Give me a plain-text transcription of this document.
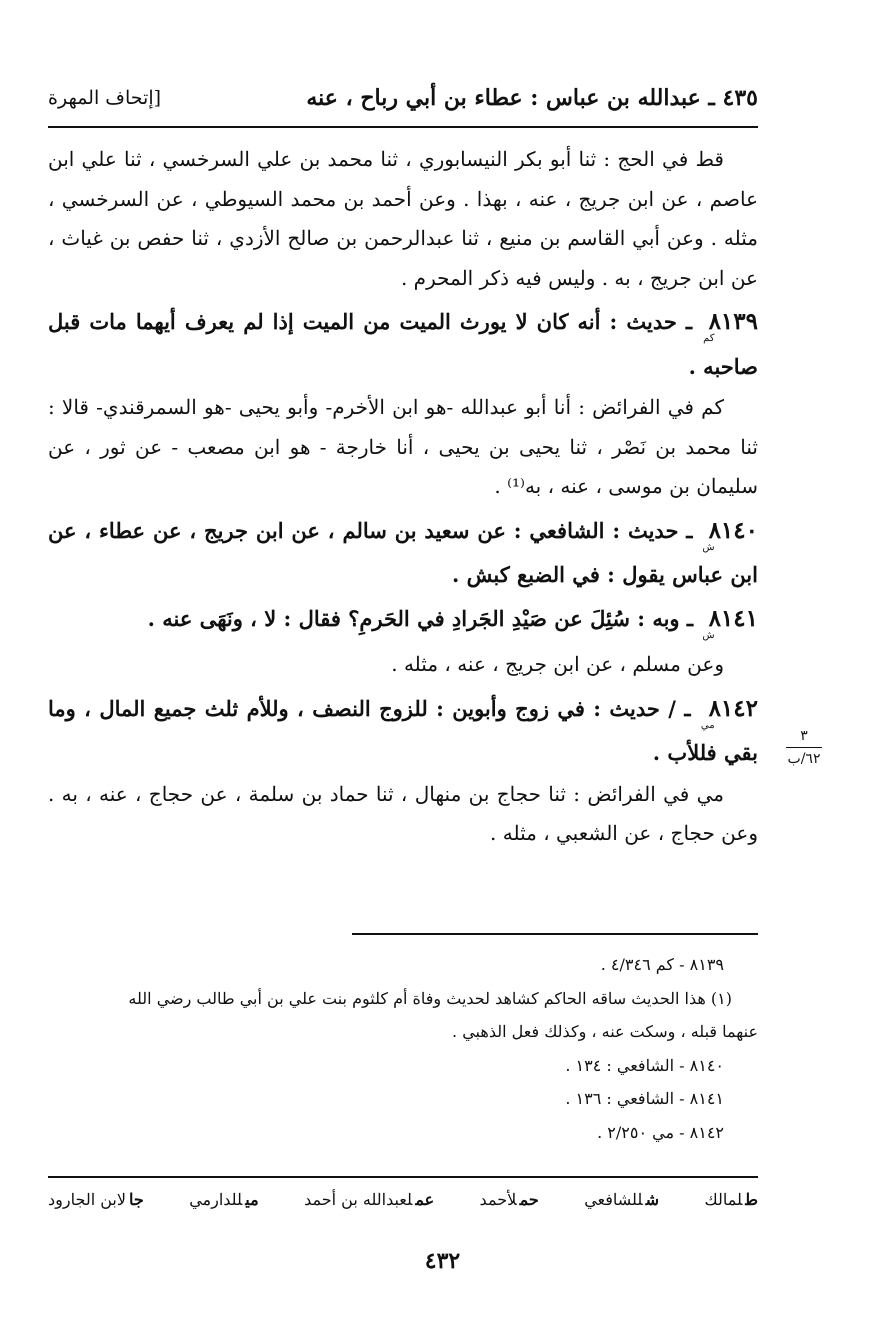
٤٣٥ ـ عبدالله بن عباس : عطاء بن أبي رباح ، عنه
[إتحاف المهرة

قط في الحج : ثنا أبو بكر النيسابوري ، ثنا محمد بن علي السرخسي ، ثنا علي ابن عاصم ، عن ابن جريج ، عنه ، بهذا . وعن أحمد بن محمد السيوطي ، عن السرخسي ، مثله . وعن أبي القاسم بن منيع ، ثنا عبدالرحمن بن صالح الأزدي ، ثنا حفص بن غياث ، عن ابن جريج ، به . وليس فيه ذكر المحرم .

$٨١٣٩_{كم}$ ـ حديث : أنه كان لا يورث الميت من الميت إذا لم يعرف أيهما مات قبل صاحبه .

كم في الفرائض : أنا أبو عبدالله -هو ابن الأخرم- وأبو يحيى -هو السمرقندي- قالا : ثنا محمد بن نَصْر ، ثنا يحيى بن يحيى ، أنا خارجة - هو ابن مصعب - عن ثور ، عن سليمان بن موسى ، عنه ، به⁽¹⁾ .

$٨١٤٠_ش$ ـ حديث : الشافعي : عن سعيد بن سالم ، عن ابن جريج ، عن عطاء ، عن ابن عباس يقول : في الضبع كبش .

$٨١٤١_ش$ ـ وبه : سُئِلَ عن صَيْدِ الجَرادِ في الحَرمِ؟ فقال : لا ، ونَهَى عنه .

وعن مسلم ، عن ابن جريج ، عنه ، مثله .

$٨١٤٢_{مي}$ ـ / حديث : في زوج وأبوين : للزوج النصف ، وللأم ثلث جميع المال ، وما بقي فللأب .

مي في الفرائض : ثنا حجاج بن منهال ، ثنا حماد بن سلمة ، عن حجاج ، عنه ، به . وعن حجاج ، عن الشعبي ، مثله .

٣
٦٢/ب

٨١٣٩ - كم ٤/٣٤٦ .

(١) هذا الحديث ساقه الحاكم كشاهد لحديث وفاة أم كلثوم بنت علي بن أبي طالب رضي الله

عنهما قبله ، وسكت عنه ، وكذلك فعل الذهبي .

٨١٤٠ - الشافعي : ١٣٤ .

٨١٤١ - الشافعي : ١٣٦ .

٨١٤٢ - مي ٢/٢٥٠ .

طلمالك
شللشافعي
حملأحمد
عملعبدالله بن أحمد
ميللدارمي
جالابن الجارود
٤٣٢
